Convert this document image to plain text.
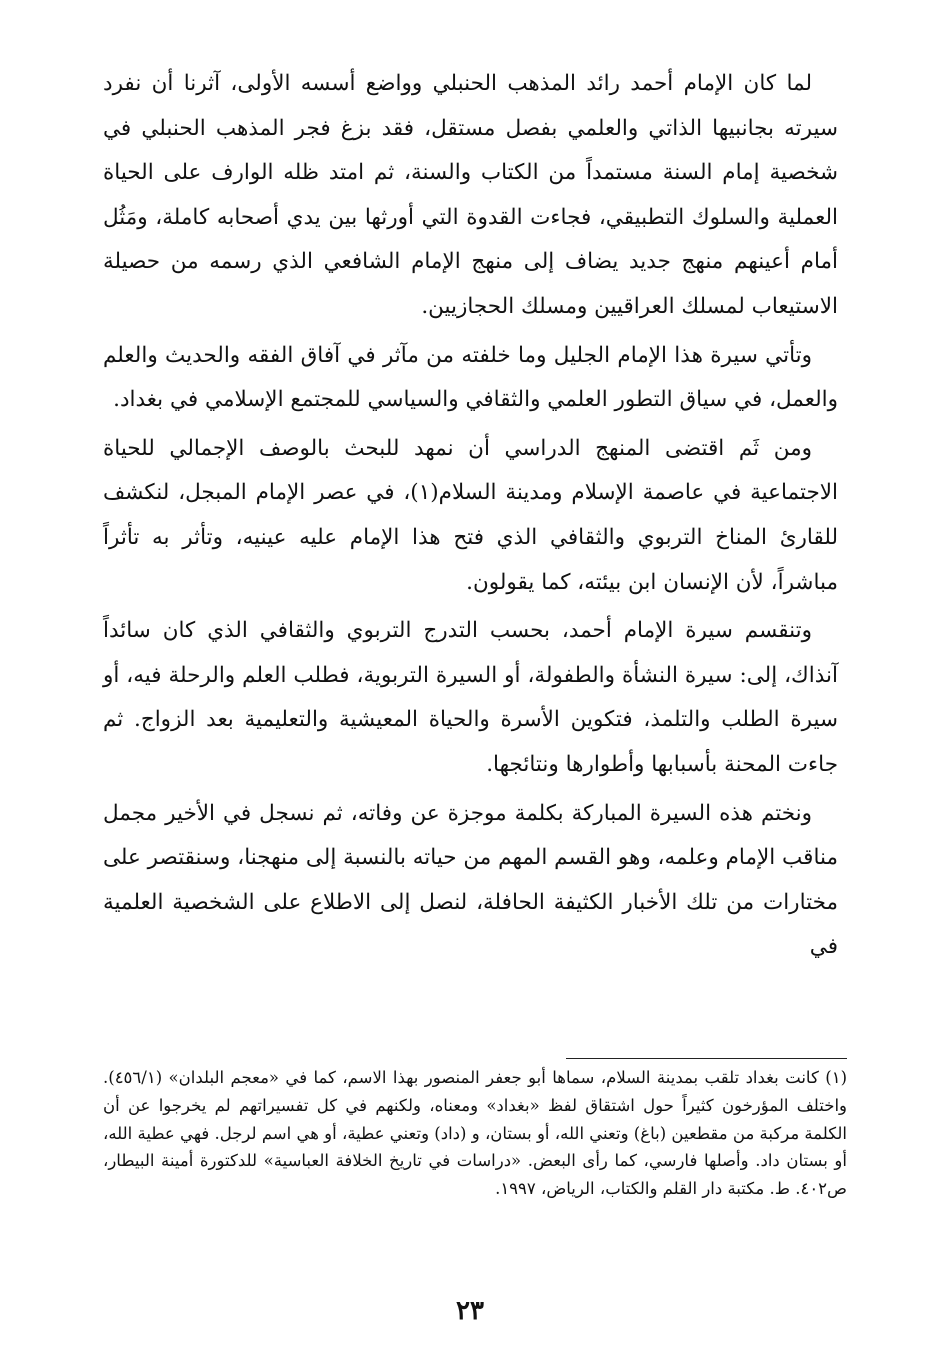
لما كان الإمام أحمد رائد المذهب الحنبلي وواضع أسسه الأولى، آثرنا أن نفرد سيرته بجانبيها الذاتي والعلمي بفصل مستقل، فقد بزغ فجر المذهب الحنبلي في شخصية إمام السنة مستمداً من الكتاب والسنة، ثم امتد ظله الوارف على الحياة العملية والسلوك التطبيقي، فجاءت القدوة التي أورثها بين يدي أصحابه كاملة، ومَثُل أمام أعينهم منهج جديد يضاف إلى منهج الإمام الشافعي الذي رسمه من حصيلة الاستيعاب لمسلك العراقيين ومسلك الحجازيين.

وتأتي سيرة هذا الإمام الجليل وما خلفته من مآثر في آفاق الفقه والحديث والعلم والعمل، في سياق التطور العلمي والثقافي والسياسي للمجتمع الإسلامي في بغداد.

ومن ثَم اقتضى المنهج الدراسي أن نمهد للبحث بالوصف الإجمالي للحياة الاجتماعية في عاصمة الإسلام ومدينة السلام(١)، في عصر الإمام المبجل، لنكشف للقارئ المناخ التربوي والثقافي الذي فتح هذا الإمام عليه عينيه، وتأثر به تأثراً مباشراً، لأن الإنسان ابن بيئته، كما يقولون.

وتنقسم سيرة الإمام أحمد، بحسب التدرج التربوي والثقافي الذي كان سائداً آنذاك، إلى: سيرة النشأة والطفولة، أو السيرة التربوية، فطلب العلم والرحلة فيه، أو سيرة الطلب والتلمذ، فتكوين الأسرة والحياة المعيشية والتعليمية بعد الزواج. ثم جاءت المحنة بأسبابها وأطوارها ونتائجها.

ونختم هذه السيرة المباركة بكلمة موجزة عن وفاته، ثم نسجل في الأخير مجمل مناقب الإمام وعلمه، وهو القسم المهم من حياته بالنسبة إلى منهجنا، وسنقتصر على مختارات من تلك الأخبار الكثيفة الحافلة، لنصل إلى الاطلاع على الشخصية العلمية في

(١) كانت بغداد تلقب بمدينة السلام، سماها أبو جعفر المنصور بهذا الاسم، كما في «معجم البلدان» (٤٥٦/١). واختلف المؤرخون كثيراً حول اشتقاق لفظ «بغداد» ومعناه، ولكنهم في كل تفسيراتهم لم يخرجوا عن أن الكلمة مركبة من مقطعين (باغ) وتعني الله، أو بستان، و (داد) وتعني عطية، أو هي اسم لرجل. فهي عطية الله، أو بستان داد. وأصلها فارسي، كما رأى البعض. «دراسات في تاريخ الخلافة العباسية» للدكتورة أمينة البيطار، ص٤٠٢. ط. مكتبة دار القلم والكتاب، الرياض، ١٩٩٧.

٢٣
